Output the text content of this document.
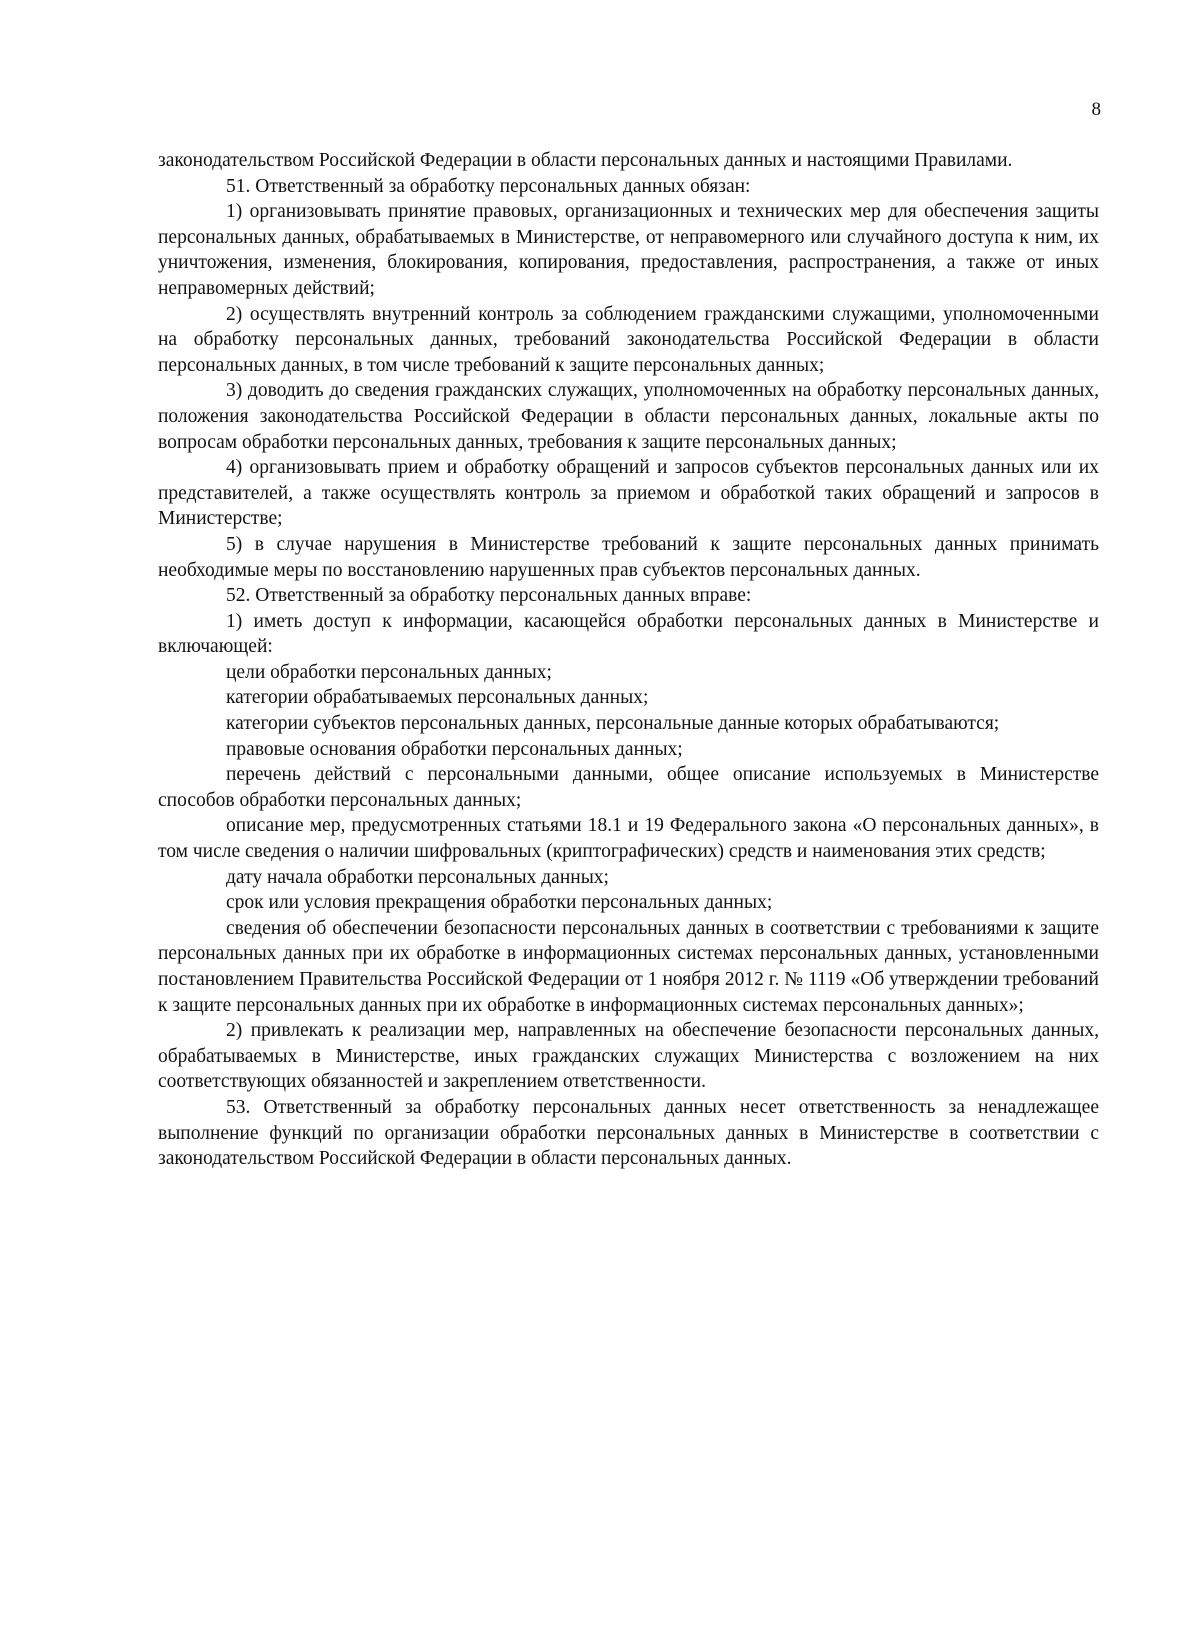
8

законодательством Российской Федерации в области персональных данных и настоящими Правилами.

51. Ответственный за обработку персональных данных обязан:

1) организовывать принятие правовых, организационных и технических мер для обеспечения защиты персональных данных, обрабатываемых в Министерстве, от неправомерного или случайного доступа к ним, их уничтожения, изменения, блокирования, копирования, предоставления, распространения, а также от иных неправомерных действий;

2) осуществлять внутренний контроль за соблюдением гражданскими служащими, уполномоченными на обработку персональных данных, требований законодательства Российской Федерации в области персональных данных, в том числе требований к защите персональных данных;

3) доводить до сведения гражданских служащих, уполномоченных на обработку персональных данных, положения законодательства Российской Федерации в области персональных данных, локальные акты по вопросам обработки персональных данных, требования к защите персональных данных;

4) организовывать прием и обработку обращений и запросов субъектов персональных данных или их представителей, а также осуществлять контроль за приемом и обработкой таких обращений и запросов в Министерстве;

5) в случае нарушения в Министерстве требований к защите персональных данных принимать необходимые меры по восстановлению нарушенных прав субъектов персональных данных.

52. Ответственный за обработку персональных данных вправе:

1) иметь доступ к информации, касающейся обработки персональных данных в Министерстве и включающей:

цели обработки персональных данных;

категории обрабатываемых персональных данных;

категории субъектов персональных данных, персональные данные которых обрабатываются;

правовые основания обработки персональных данных;

перечень действий с персональными данными, общее описание используемых в Министерстве способов обработки персональных данных;

описание мер, предусмотренных статьями 18.1 и 19 Федерального закона «О персональных данных», в том числе сведения о наличии шифровальных (криптографических) средств и наименования этих средств;

дату начала обработки персональных данных;

срок или условия прекращения обработки персональных данных;

сведения об обеспечении безопасности персональных данных в соответствии с требованиями к защите персональных данных при их обработке в информационных системах персональных данных, установленными постановлением Правительства Российской Федерации от 1 ноября 2012 г. № 1119 «Об утверждении требований к защите персональных данных при их обработке в информационных системах персональных данных»;

2) привлекать к реализации мер, направленных на обеспечение безопасности персональных данных, обрабатываемых в Министерстве, иных гражданских служащих Министерства с возложением на них соответствующих обязанностей и закреплением ответственности.

53. Ответственный за обработку персональных данных несет ответственность за ненадлежащее выполнение функций по организации обработки персональных данных в Министерстве в соответствии с законодательством Российской Федерации в области персональных данных.
